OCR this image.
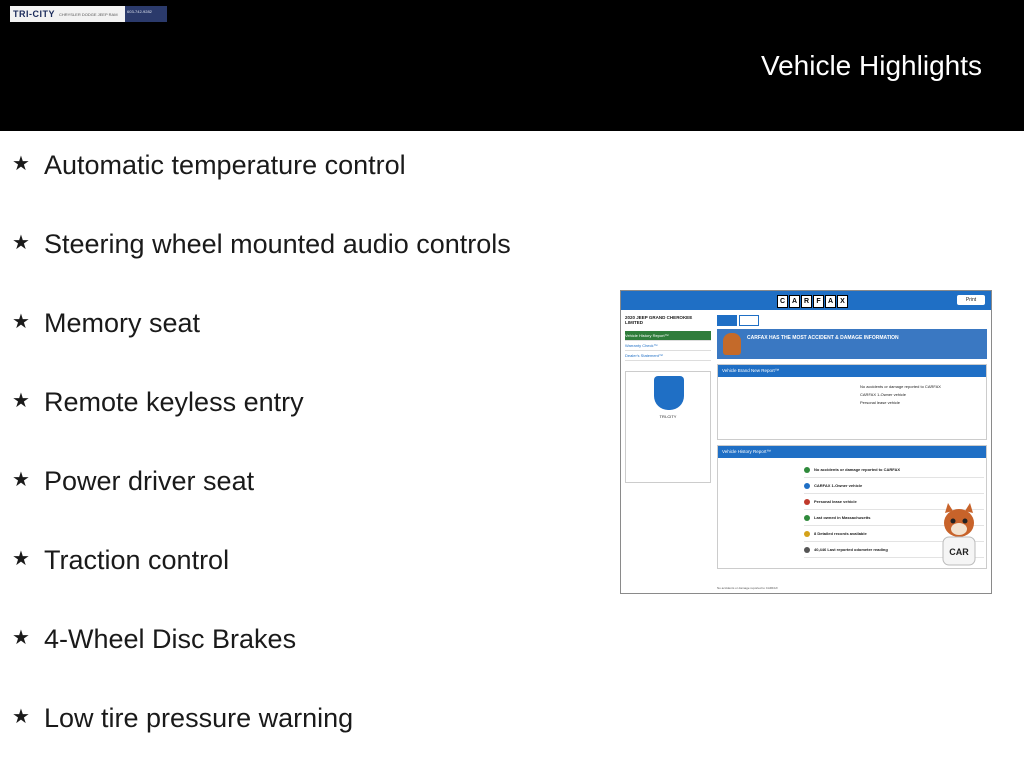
TRI-CITY CHRYSLER DODGE JEEP RAM	603-742-9282
Vehicle Highlights
★ Automatic temperature control
★ Steering wheel mounted audio controls
★ Memory seat
★ Remote keyless entry
★ Power driver seat
★ Traction control
★ 4-Wheel Disc Brakes
★ Low tire pressure warning
C A R	F	A	X	Print
2020 JEEP GRAND CHEROKEE LIMITED
Vehicle History Report™
Warranty Check™
Dealer's Statement™
TRI-CITY
CARFAX HAS THE MOST ACCIDENT & DAMAGE INFORMATION
Vehicle Brand New Report™
No accidents or damage reported to CARFAX
CARFAX 1-Owner vehicle
Personal lease vehicle
Vehicle History Report™
No accidents or damage reported to CARFAX
CARFAX 1-Owner vehicle
Personal lease vehicle
Last owned in Massachusetts
8 Detailed records available
40,446 Last reported odometer reading	CAR
No accidents or damage reported to CARFAX
